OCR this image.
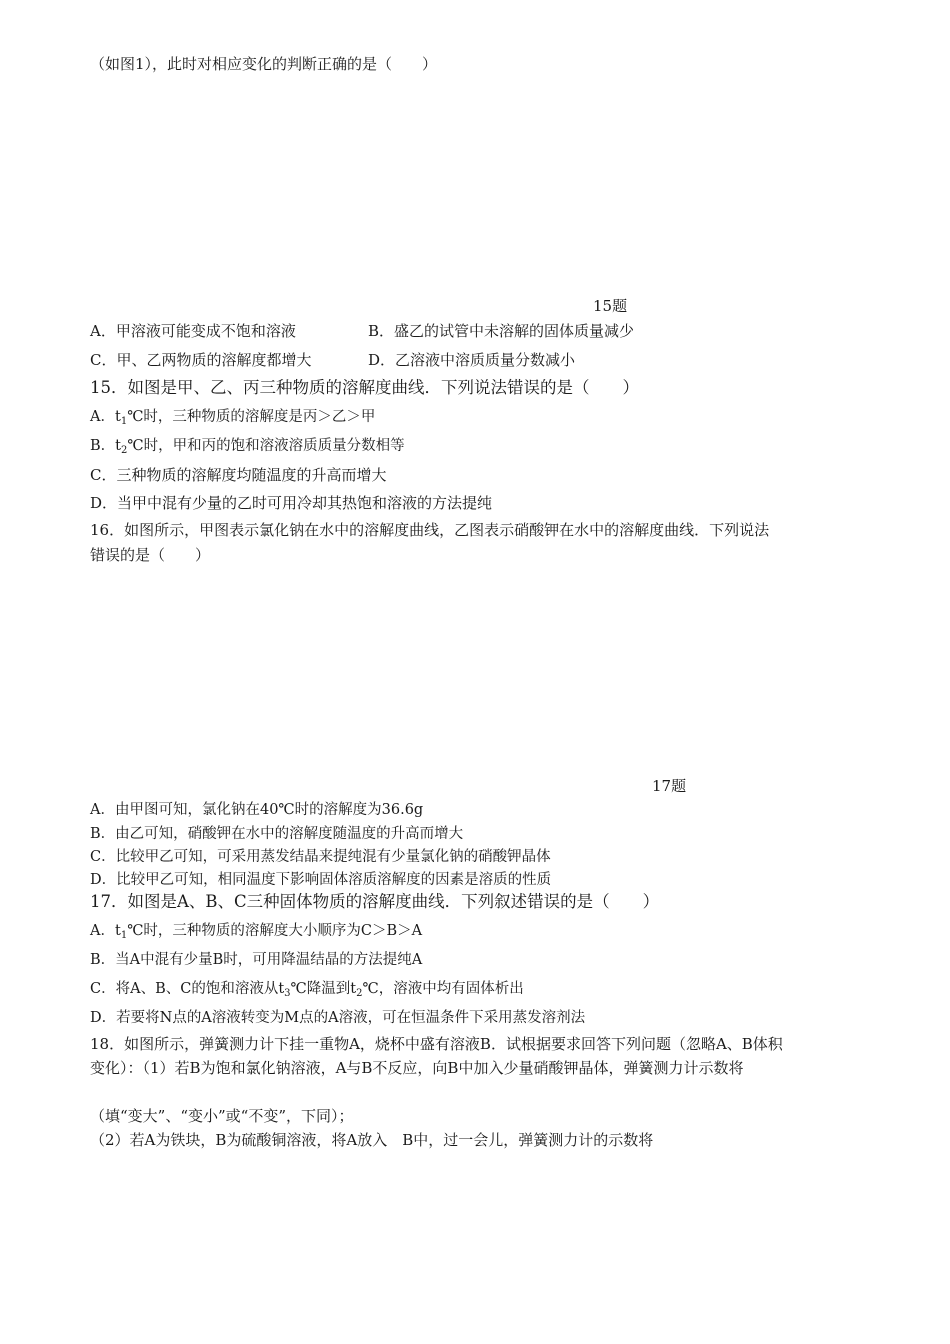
（如图1），此时对相应变化的判断正确的是（　　）
15题
A．甲溶液可能变成不饱和溶液	B．盛乙的试管中未溶解的固体质量减少
C．甲、乙两物质的溶解度都增大	D．乙溶液中溶质质量分数减小
15．如图是甲、乙、丙三种物质的溶解度曲线．下列说法错误的是（　　）
A．$t_1℃$时，三种物质的溶解度是丙＞乙＞甲
B．$t_2℃$时，甲和丙的饱和溶液溶质质量分数相等
C．三种物质的溶解度均随温度的升高而增大
D．当甲中混有少量的乙时可用冷却其热饱和溶液的方法提纯
16．如图所示，甲图表示氯化钠在水中的溶解度曲线，乙图表示硝酸钾在水中的溶解度曲线．下列说法
错误的是（　　）
17题
A．由甲图可知，氯化钠在40℃时的溶解度为36.6g
B．由乙可知，硝酸钾在水中的溶解度随温度的升高而增大
C．比较甲乙可知，可采用蒸发结晶来提纯混有少量氯化钠的硝酸钾晶体
D．比较甲乙可知，相同温度下影响固体溶质溶解度的因素是溶质的性质
17．如图是A、B、C三种固体物质的溶解度曲线．下列叙述错误的是（　　）
A．$t_1℃$时，三种物质的溶解度大小顺序为C＞B＞A
B．当A中混有少量B时，可用降温结晶的方法提纯A
C．将A、B、C的饱和溶液从$t_3℃$降温到$t_2℃$，溶液中均有固体析出
D．若要将N点的A溶液转变为M点的A溶液，可在恒温条件下采用蒸发溶剂法
18．如图所示，弹簧测力计下挂一重物A，烧杯中盛有溶液B．试根据要求回答下列问题（忽略A、B体积
变化）：（1）若B为饱和氯化钠溶液，A与B不反应，向B中加入少量硝酸钾晶体，弹簧测力计示数将
（填“变大”、“变小”或“不变”，下同）；
（2）若A为铁块，B为硫酸铜溶液，将A放入　B中，过一会儿，弹簧测力计的示数将
